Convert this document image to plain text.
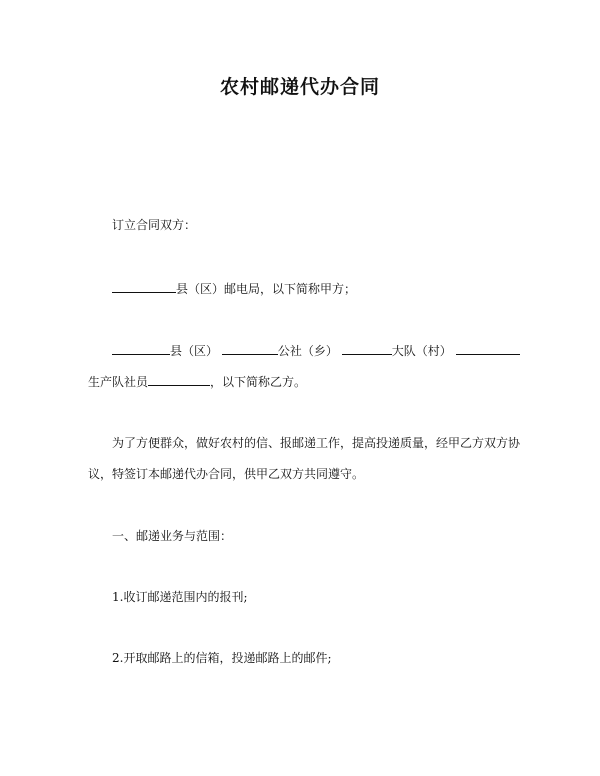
农村邮递代办合同
订立合同双方：
县（区）邮电局，以下简称甲方；
县（区）	公社（乡）	大队（村）
生产队社员	，以下简称乙方。
为了方便群众，做好农村的信、报邮递工作，提高投递质量，经甲乙方双方协
议，特签订本邮递代办合同，供甲乙双方共同遵守。
一、邮递业务与范围：
1.收订邮递范围内的报刊;
2.开取邮路上的信箱，投递邮路上的邮件;
